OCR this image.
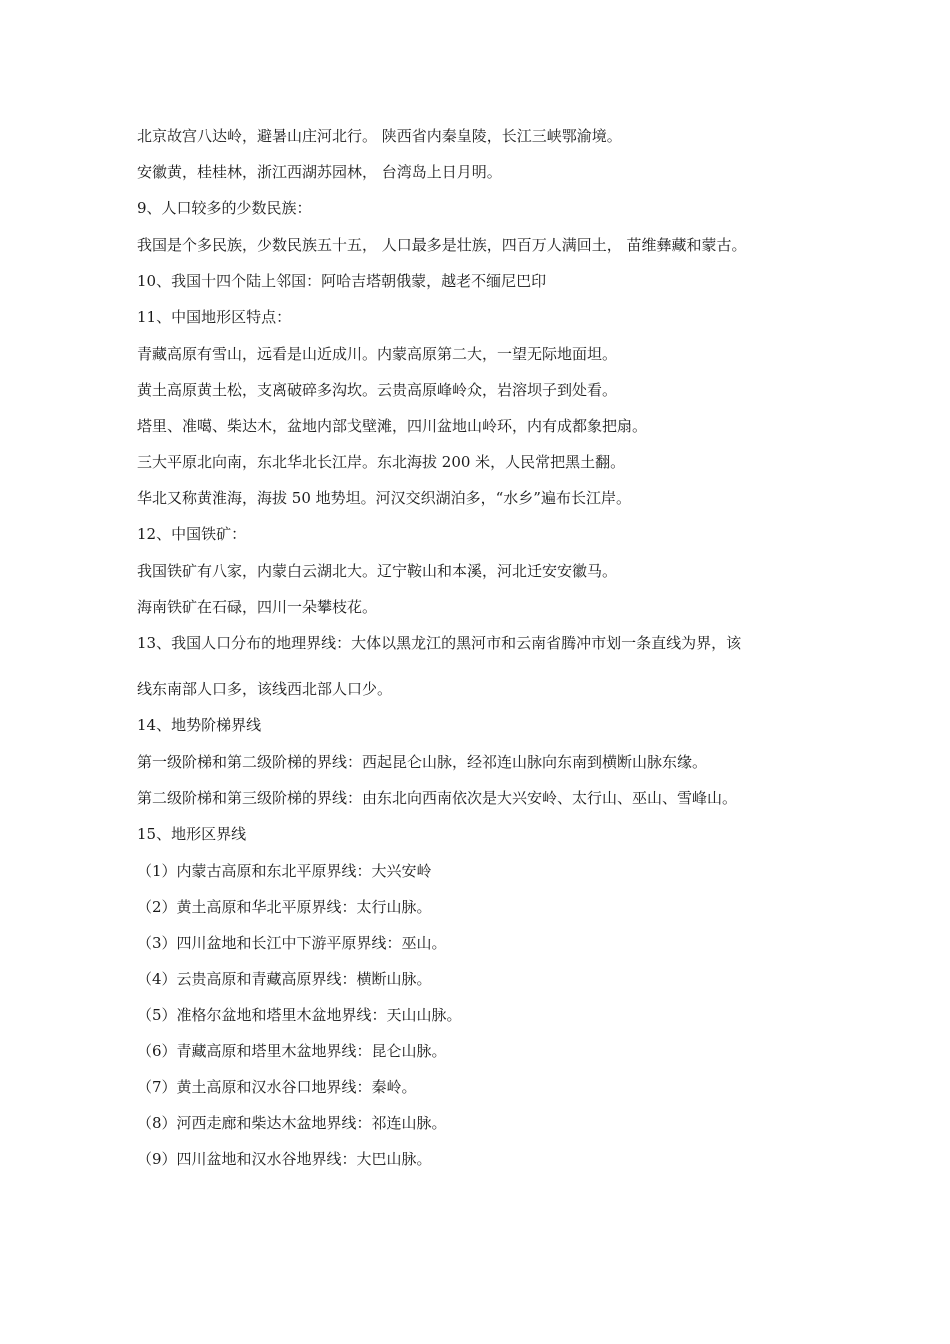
北京故宫八达岭，避暑山庄河北行。 陕西省内秦皇陵，长江三峡鄂渝境。

安徽黄，桂桂林，浙江西湖苏园林， 台湾岛上日月明。

9、人口较多的少数民族：

我国是个多民族，少数民族五十五， 人口最多是壮族，四百万人满回土， 苗维彝藏和蒙古。

10、我国十四个陆上邻国：阿哈吉塔朝俄蒙，越老不缅尼巴印

11、中国地形区特点：

青藏高原有雪山，远看是山近成川。内蒙高原第二大，一望无际地面坦。

黄土高原黄土松，支离破碎多沟坎。云贵高原峰岭众，岩溶坝子到处看。

塔里、准噶、柴达木，盆地内部戈壁滩，四川盆地山岭环，内有成都象把扇。

三大平原北向南，东北华北长江岸。东北海拔 200 米，人民常把黑土翻。

华北又称黄淮海，海拔 50 地势坦。河汉交织湖泊多，“水乡”遍布长江岸。

12、中国铁矿：

我国铁矿有八家，内蒙白云湖北大。辽宁鞍山和本溪，河北迁安安徽马。

海南铁矿在石碌，四川一朵攀枝花。

13、我国人口分布的地理界线：大体以黑龙江的黑河市和云南省腾冲市划一条直线为界，该

线东南部人口多，该线西北部人口少。

14、地势阶梯界线

第一级阶梯和第二级阶梯的界线：西起昆仑山脉，经祁连山脉向东南到横断山脉东缘。

第二级阶梯和第三级阶梯的界线：由东北向西南依次是大兴安岭、太行山、巫山、雪峰山。

15、地形区界线

（1）内蒙古高原和东北平原界线：大兴安岭

（2）黄土高原和华北平原界线：太行山脉。

（3）四川盆地和长江中下游平原界线：巫山。

（4）云贵高原和青藏高原界线：横断山脉。

（5）准格尔盆地和塔里木盆地界线：天山山脉。

（6）青藏高原和塔里木盆地界线：昆仑山脉。

（7）黄土高原和汉水谷口地界线：秦岭。

（8）河西走廊和柴达木盆地界线：祁连山脉。

（9）四川盆地和汉水谷地界线：大巴山脉。
